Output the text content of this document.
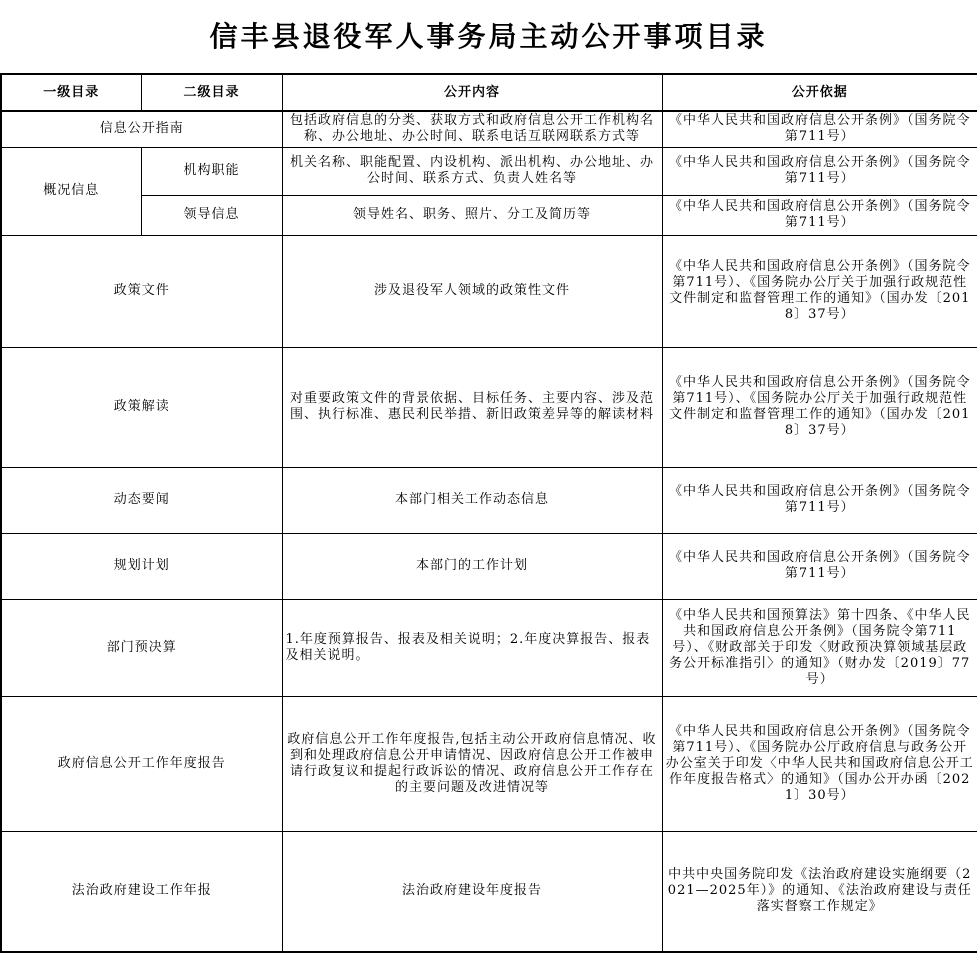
信丰县退役军人事务局主动公开事项目录
一级目录	二级目录	公开内容	公开依据
信息公开指南		包括政府信息的分类、获取方式和政府信息公开工作机构名称、办公地址、办公时间、联系电话互联网联系方式等	《中华人民共和国政府信息公开条例》（国务院令第711号）
概况信息	机构职能	机关名称、职能配置、内设机构、派出机构、办公地址、办公时间、联系方式、负责人姓名等	《中华人民共和国政府信息公开条例》（国务院令第711号）
	领导信息	领导姓名、职务、照片、分工及简历等	《中华人民共和国政府信息公开条例》（国务院令第711号）
政策文件		涉及退役军人领域的政策性文件	《中华人民共和国政府信息公开条例》（国务院令第711号）、《国务院办公厅关于加强行政规范性文件制定和监督管理工作的通知》（国办发〔2018〕37号）
政策解读		对重要政策文件的背景依据、目标任务、主要内容、涉及范围、执行标准、惠民利民举措、新旧政策差异等的解读材料	《中华人民共和国政府信息公开条例》（国务院令第711号）、《国务院办公厅关于加强行政规范性文件制定和监督管理工作的通知》（国办发〔2018〕37号）
动态要闻		本部门相关工作动态信息	《中华人民共和国政府信息公开条例》（国务院令第711号）
规划计划		本部门的工作计划	《中华人民共和国政府信息公开条例》（国务院令第711号）
部门预决算		1.年度预算报告、报表及相关说明；2.年度决算报告、报表及相关说明。	《中华人民共和国预算法》第十四条、《中华人民共和国政府信息公开条例》（国务院令第711号）、《财政部关于印发〈财政预决算领域基层政务公开标准指引〉的通知》（财办发〔2019〕77号）
政府信息公开工作年度报告		政府信息公开工作年度报告,包括主动公开政府信息情况、收到和处理政府信息公开申请情况、因政府信息公开工作被申请行政复议和提起行政诉讼的情况、政府信息公开工作存在的主要问题及改进情况等	《中华人民共和国政府信息公开条例》（国务院令第711号）、《国务院办公厅政府信息与政务公开办公室关于印发〈中华人民共和国政府信息公开工作年度报告格式〉的通知》（国办公开办函〔2021〕30号）
法治政府建设工作年报		法治政府建设年度报告	中共中央国务院印发《法治政府建设实施纲要（2021—2025年）》的通知、《法治政府建设与责任落实督察工作规定》
